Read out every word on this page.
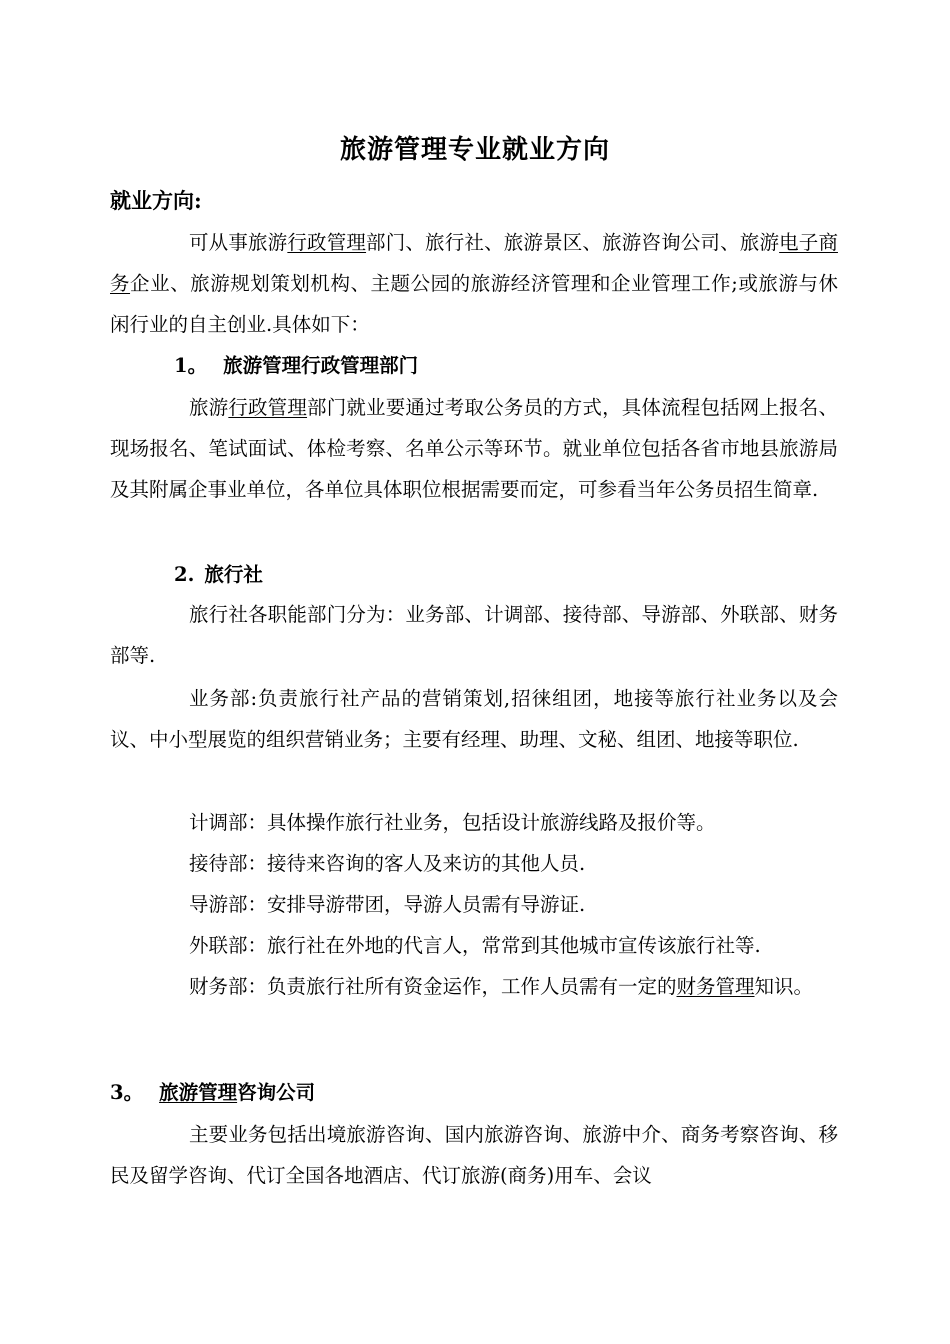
旅游管理专业就业方向
就业方向:
可从事旅游行政管理部门、旅行社、旅游景区、旅游咨询公司、旅游电子商务企业、旅游规划策划机构、主题公园的旅游经济管理和企业管理工作;或旅游与休闲行业的自主创业.具体如下：
1。 旅游管理行政管理部门
旅游行政管理部门就业要通过考取公务员的方式，具体流程包括网上报名、现场报名、笔试面试、体检考察、名单公示等环节。就业单位包括各省市地县旅游局及其附属企事业单位，各单位具体职位根据需要而定，可参看当年公务员招生简章.
2. 旅行社
旅行社各职能部门分为：业务部、计调部、接待部、导游部、外联部、财务部等.
业务部:负责旅行社产品的营销策划,招徕组团，地接等旅行社业务以及会议、中小型展览的组织营销业务；主要有经理、助理、文秘、组团、地接等职位.
计调部：具体操作旅行社业务，包括设计旅游线路及报价等。
接待部：接待来咨询的客人及来访的其他人员.
导游部：安排导游带团，导游人员需有导游证.
外联部：旅行社在外地的代言人，常常到其他城市宣传该旅行社等.
财务部：负责旅行社所有资金运作，工作人员需有一定的财务管理知识。
3。 旅游管理咨询公司
主要业务包括出境旅游咨询、国内旅游咨询、旅游中介、商务考察咨询、移民及留学咨询、代订全国各地酒店、代订旅游(商务)用车、会议
